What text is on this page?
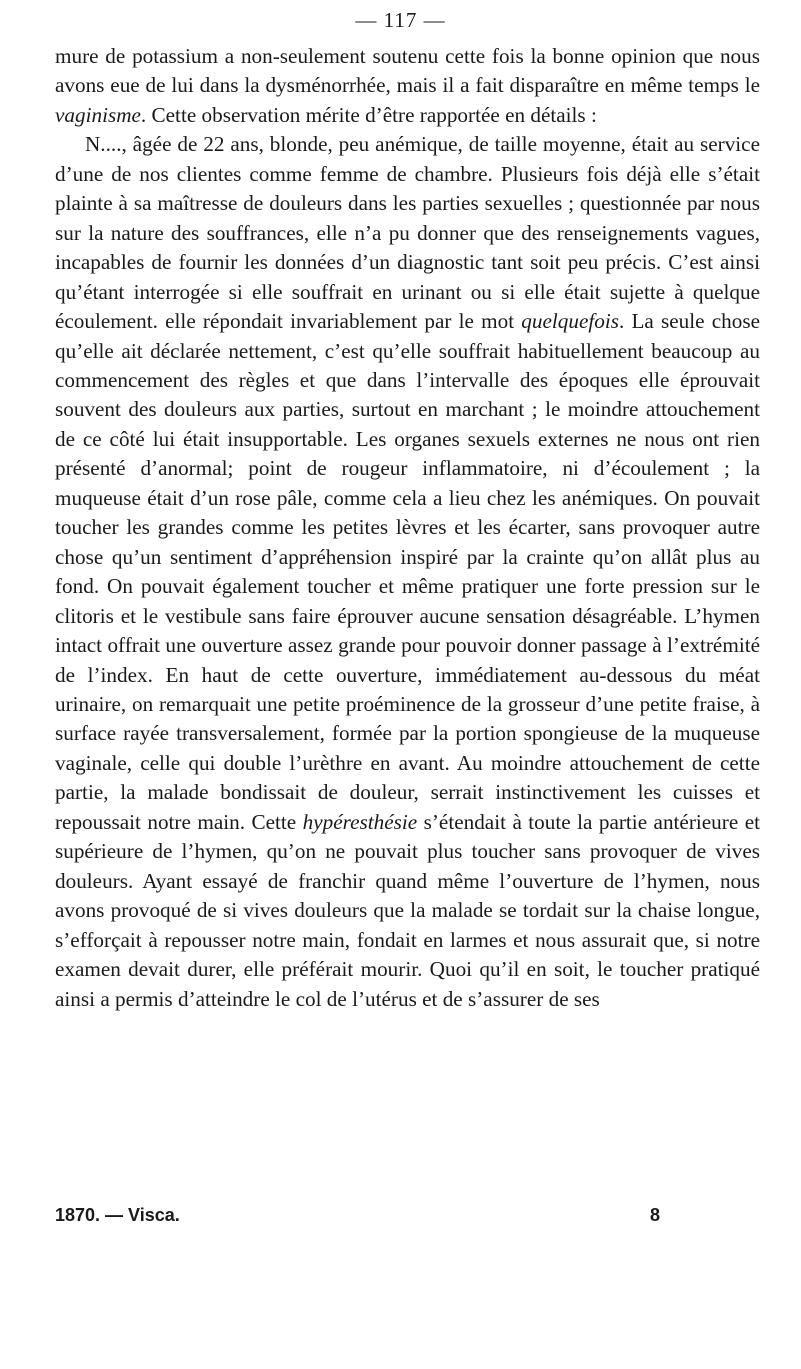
— 117 —

mure de potassium a non-seulement soutenu cette fois la bonne opinion que nous avons eue de lui dans la dysménorrhée, mais il a fait disparaître en même temps le vaginisme. Cette observation mérite d’être rapportée en détails :

N...., âgée de 22 ans, blonde, peu anémique, de taille moyenne, était au service d’une de nos clientes comme femme de chambre. Plusieurs fois déjà elle s’était plainte à sa maîtresse de douleurs dans les parties sexuelles ; questionnée par nous sur la nature des souffrances, elle n’a pu donner que des renseignements vagues, incapables de fournir les données d’un diagnostic tant soit peu précis. C’est ainsi qu’étant interrogée si elle souffrait en urinant ou si elle était sujette à quelque écoulement. elle répondait invariablement par le mot quelquefois. La seule chose qu’elle ait déclarée nettement, c’est qu’elle souffrait habituellement beaucoup au commencement des règles et que dans l’intervalle des époques elle éprouvait souvent des douleurs aux parties, surtout en marchant ; le moindre attouchement de ce côté lui était insupportable. Les organes sexuels externes ne nous ont rien présenté d’anormal; point de rougeur inflammatoire, ni d’écoulement ; la muqueuse était d’un rose pâle, comme cela a lieu chez les anémiques. On pouvait toucher les grandes comme les petites lèvres et les écarter, sans provoquer autre chose qu’un sentiment d’appréhension inspiré par la crainte qu’on allât plus au fond. On pouvait également toucher et même pratiquer une forte pression sur le clitoris et le vestibule sans faire éprouver aucune sensation désagréable. L’hymen intact offrait une ouverture assez grande pour pouvoir donner passage à l’extrémité de l’index. En haut de cette ouverture, immédiatement au-dessous du méat urinaire, on remarquait une petite proéminence de la grosseur d’une petite fraise, à surface rayée transversalement, formée par la portion spongieuse de la muqueuse vaginale, celle qui double l’urèthre en avant. Au moindre attouchement de cette partie, la malade bondissait de douleur, serrait instinctivement les cuisses et repoussait notre main. Cette hypéresthésie s’étendait à toute la partie antérieure et supérieure de l’hymen, qu’on ne pouvait plus toucher sans provoquer de vives douleurs. Ayant essayé de franchir quand même l’ouverture de l’hymen, nous avons provoqué de si vives douleurs que la malade se tordait sur la chaise longue, s’efforçait à repousser notre main, fondait en larmes et nous assurait que, si notre examen devait durer, elle préférait mourir. Quoi qu’il en soit, le toucher pratiqué ainsi a permis d’atteindre le col de l’utérus et de s’assurer de ses

1870. — Visca.	8
